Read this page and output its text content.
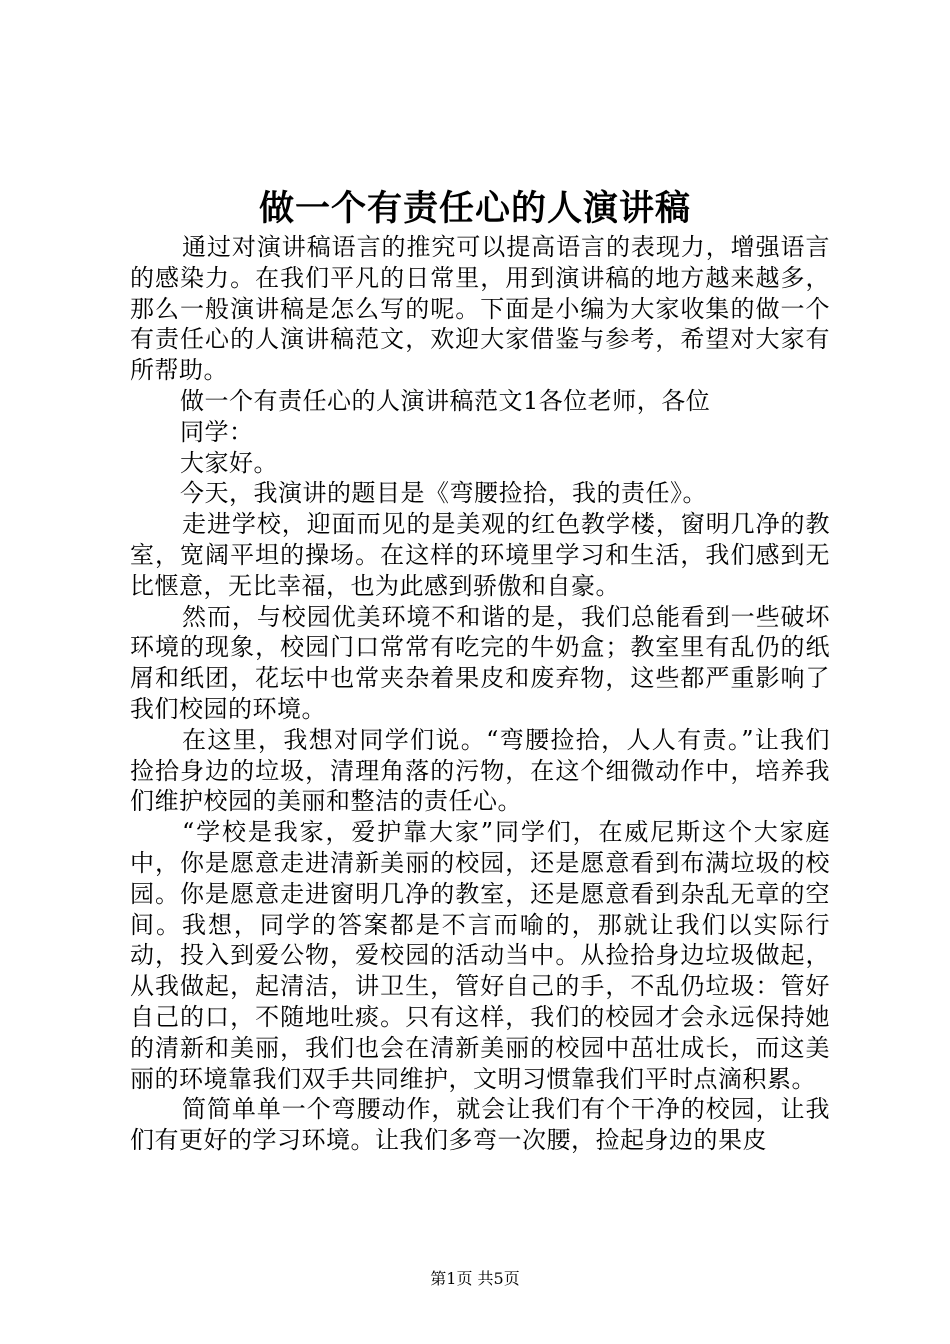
做一个有责任心的人演讲稿

通过对演讲稿语言的推究可以提高语言的表现力，增强语言的感染力。在我们平凡的日常里，用到演讲稿的地方越来越多，那么一般演讲稿是怎么写的呢。下面是小编为大家收集的做一个有责任心的人演讲稿范文，欢迎大家借鉴与参考，希望对大家有所帮助。

做一个有责任心的人演讲稿范文1各位老师，各位

同学：

大家好。

今天，我演讲的题目是《弯腰捡拾，我的责任》。

走进学校，迎面而见的是美观的红色教学楼，窗明几净的教室，宽阔平坦的操场。在这样的环境里学习和生活，我们感到无比惬意，无比幸福，也为此感到骄傲和自豪。

然而，与校园优美环境不和谐的是，我们总能看到一些破坏环境的现象，校园门口常常有吃完的牛奶盒；教室里有乱仍的纸屑和纸团，花坛中也常夹杂着果皮和废弃物，这些都严重影响了我们校园的环境。

在这里，我想对同学们说。“弯腰捡拾，人人有责。”让我们捡拾身边的垃圾，清理角落的污物，在这个细微动作中，培养我们维护校园的美丽和整洁的责任心。

“学校是我家，爱护靠大家”同学们，在威尼斯这个大家庭中，你是愿意走进清新美丽的校园，还是愿意看到布满垃圾的校园。你是愿意走进窗明几净的教室，还是愿意看到杂乱无章的空间。我想，同学的答案都是不言而喻的，那就让我们以实际行动，投入到爱公物，爱校园的活动当中。从捡拾身边垃圾做起，从我做起，起清洁，讲卫生，管好自己的手，不乱仍垃圾：管好自己的口，不随地吐痰。只有这样，我们的校园才会永远保持她的清新和美丽，我们也会在清新美丽的校园中茁壮成长，而这美丽的环境靠我们双手共同维护，文明习惯靠我们平时点滴积累。

简简单单一个弯腰动作，就会让我们有个干净的校园，让我们有更好的学习环境。让我们多弯一次腰，捡起身边的果皮

第1页 共5页
